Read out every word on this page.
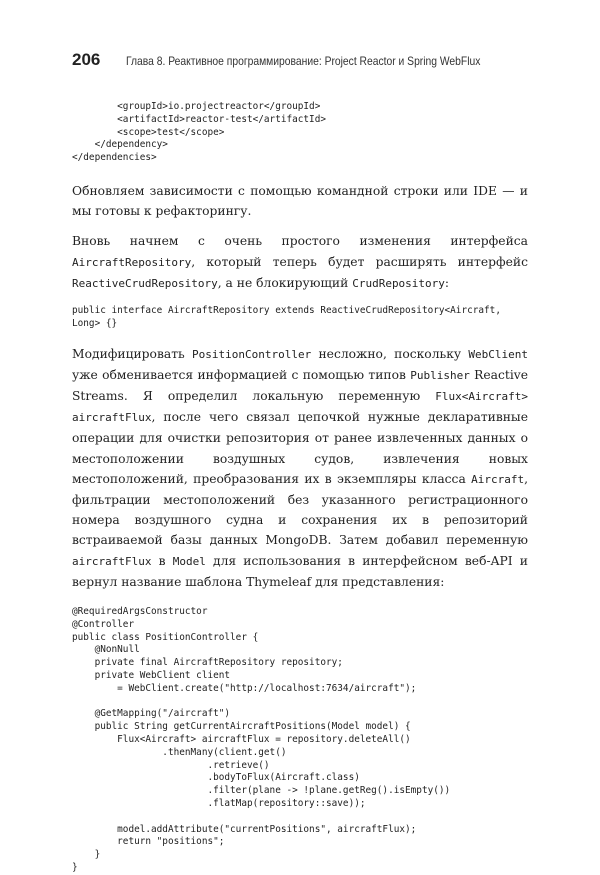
206 Глава 8. Реактивное программирование: Project Reactor и Spring WebFlux
<groupId>io.projectreactor</groupId>
<artifactId>reactor-test</artifactId>
<scope>test</scope>
</dependency>
</dependencies>

Обновляем зависимости с помощью командной строки или IDE — и мы готовы к рефакторингу.

Вновь начнем с очень простого изменения интерфейса AircraftRepository, который теперь будет расширять интерфейс ReactiveCrudRepository, а не блокирующий CrudRepository:

public interface AircraftRepository extends ReactiveCrudRepository<Aircraft,
Long> {}

Модифицировать PositionController несложно, поскольку WebClient уже обменивается информацией с помощью типов Publisher Reactive Streams. Я определил локальную переменную Flux<Aircraft> aircraftFlux, после чего связал цепочкой нужные декларативные операции для очистки репозитория от ранее извлеченных данных о местоположении воздушных судов, извлечения новых местоположений, преобразования их в экземпляры класса Aircraft, фильтрации местоположений без указанного регистрационного номера воздушного судна и сохранения их в репозиторий встраиваемой базы данных MongoDB. Затем добавил переменную aircraftFlux в Model для использования в интерфейсном веб-API и вернул название шаблона Thymeleaf для представления:

@RequiredArgsConstructor
@Controller
public class PositionController {
@NonNull
private final AircraftRepository repository;
private WebClient client
= WebClient.create("http://localhost:7634/aircraft");

@GetMapping("/aircraft")
public String getCurrentAircraftPositions(Model model) {
Flux<Aircraft> aircraftFlux = repository.deleteAll()
.thenMany(client.get()
.retrieve()
.bodyToFlux(Aircraft.class)
.filter(plane -> !plane.getReg().isEmpty())
.flatMap(repository::save));

model.addAttribute("currentPositions", aircraftFlux);
return "positions";
}
}
